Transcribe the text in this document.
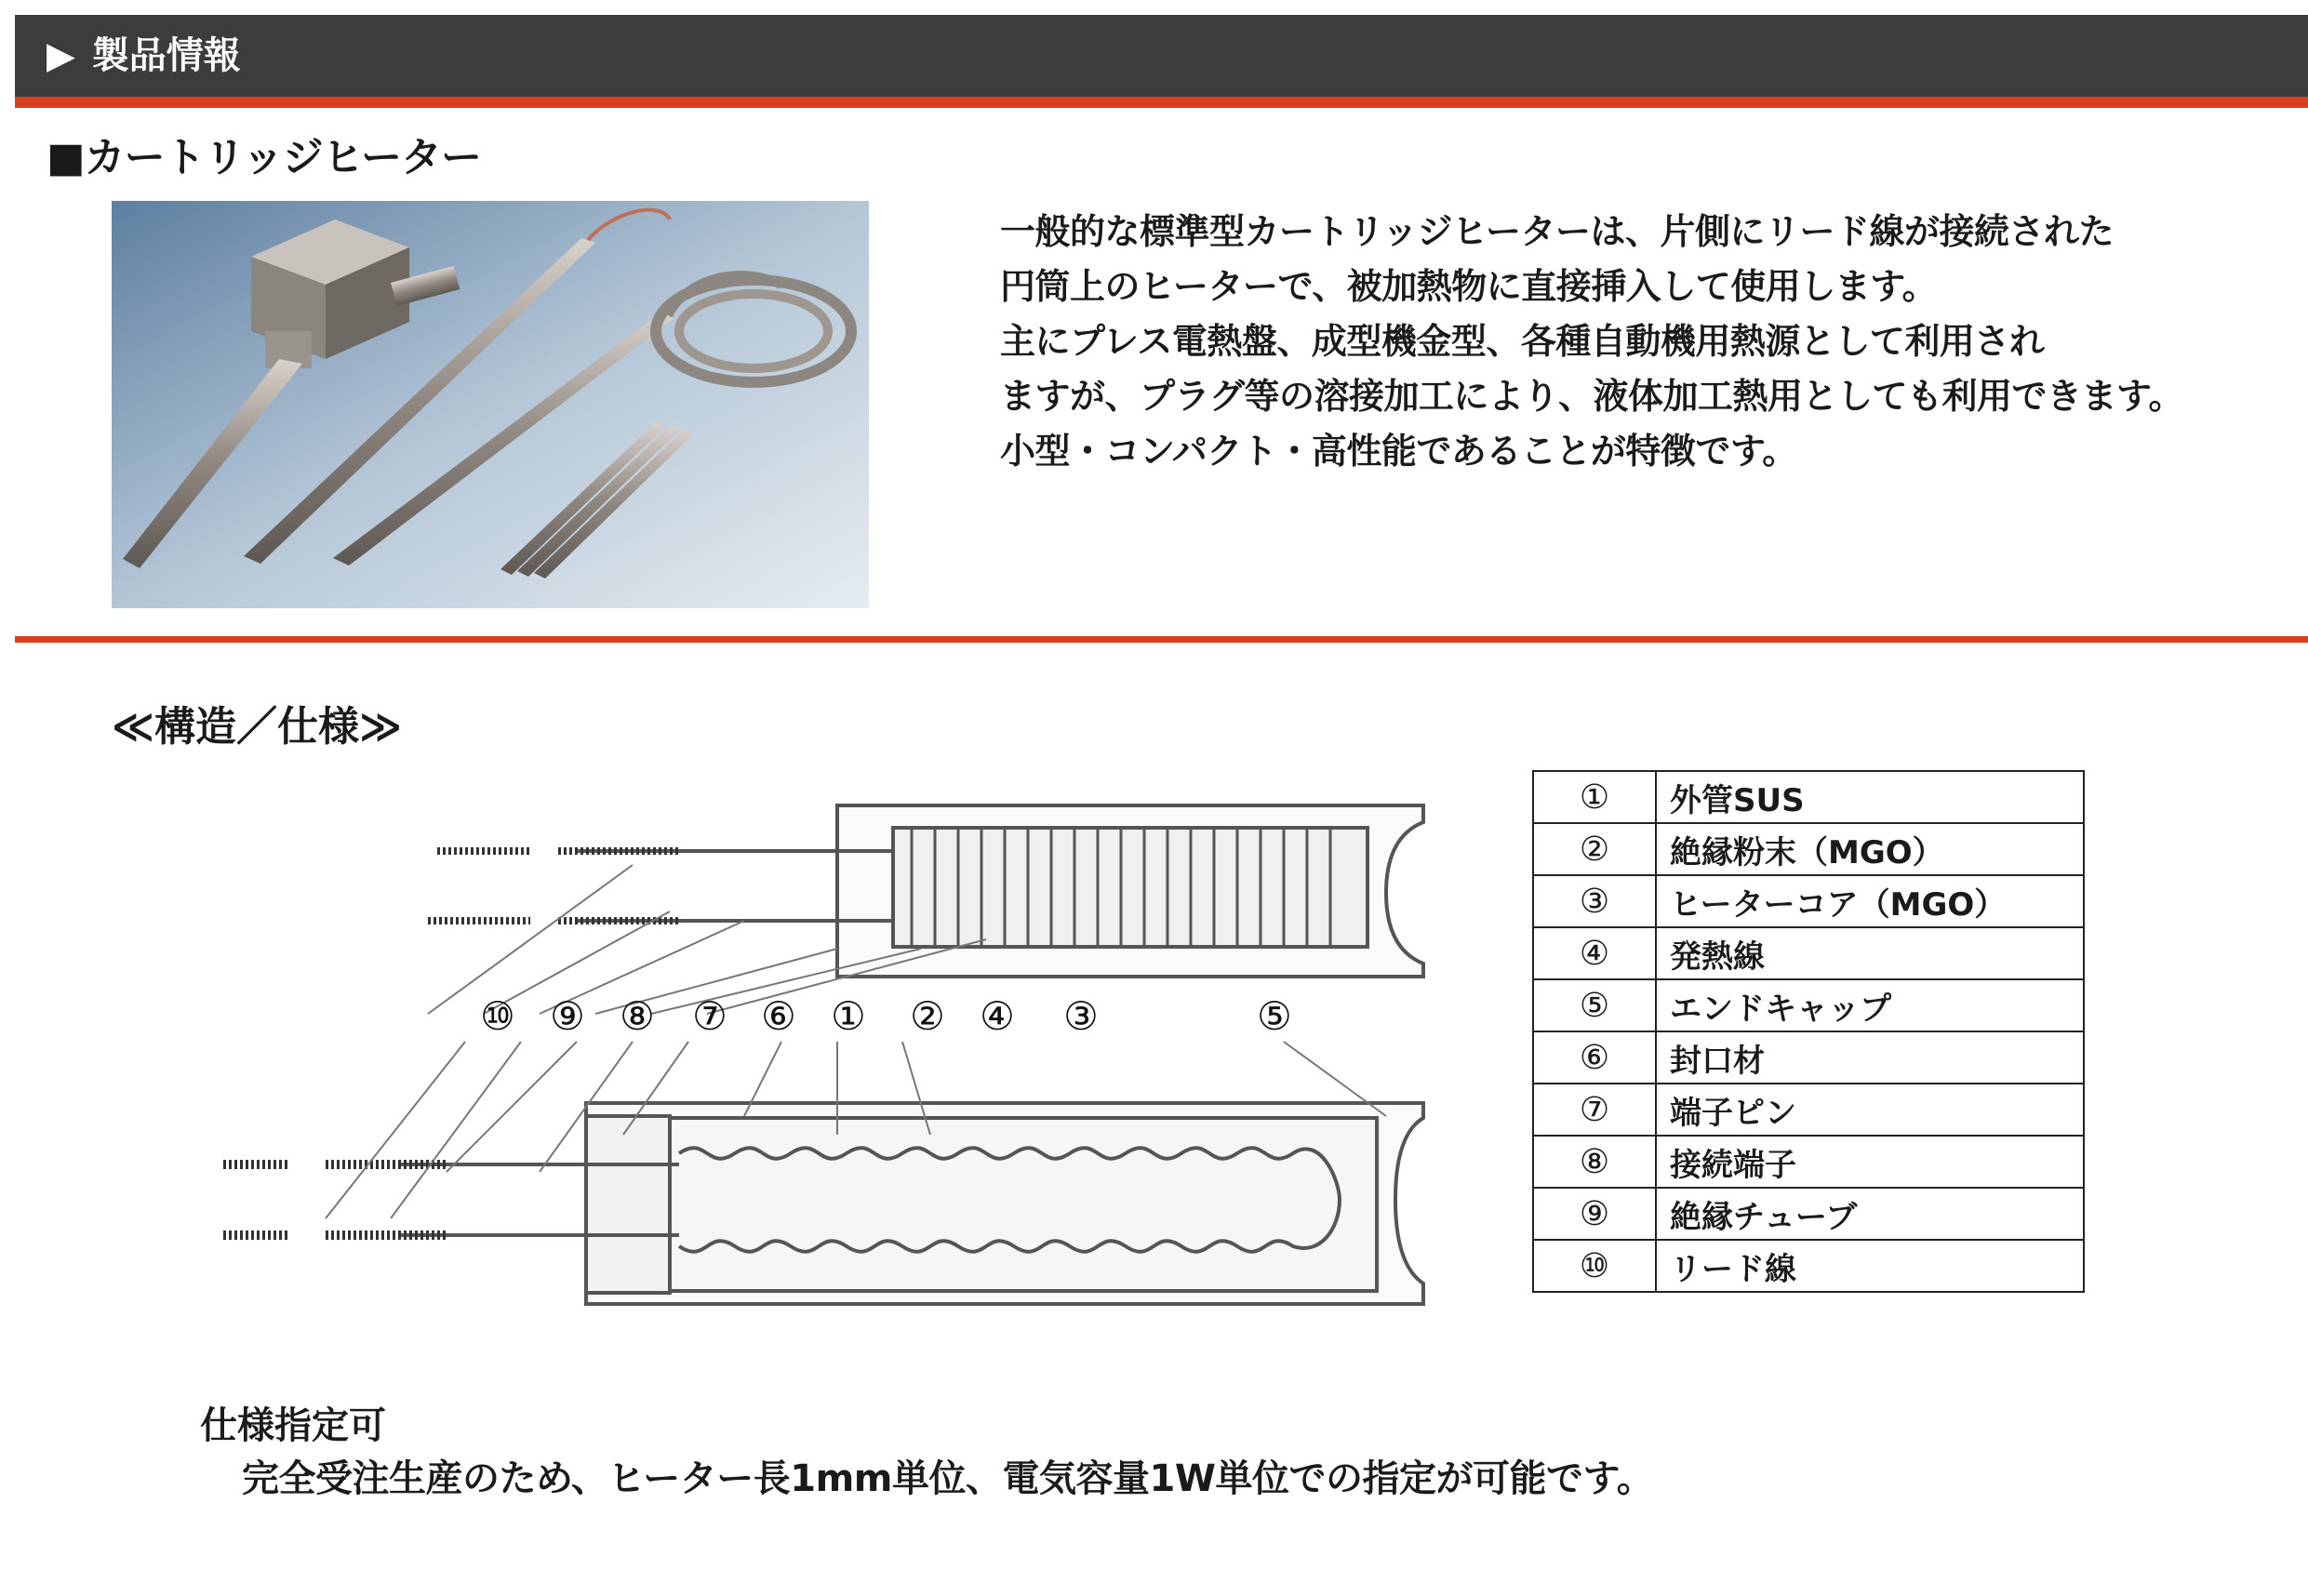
▶ 製品情報
■カートリッジヒーター
一般的な標準型カートリッジヒーターは、片側にリード線が接続された
円筒上のヒーターで、被加熱物に直接挿入して使用します。
主にプレス電熱盤、成型機金型、各種自動機用熱源として利用され
ますが、プラグ等の溶接加工により、液体加工熱用としても利用できます。
小型・コンパクト・高性能であることが特徴です。
≪構造／仕様≫
⑩ ⑨ ⑧ ⑦ ⑥ ① ② ④ ③	⑤
①	外管SUS
②	絶縁粉末（MGO）
③	ヒーターコア（MGO）
④	発熱線
⑤	エンドキャップ
⑥	封口材
⑦	端子ピン
⑧	接続端子
⑨	絶縁チューブ
⑩	リード線
仕様指定可
完全受注生産のため、ヒーター長1mm単位、電気容量1W単位での指定が可能です。
